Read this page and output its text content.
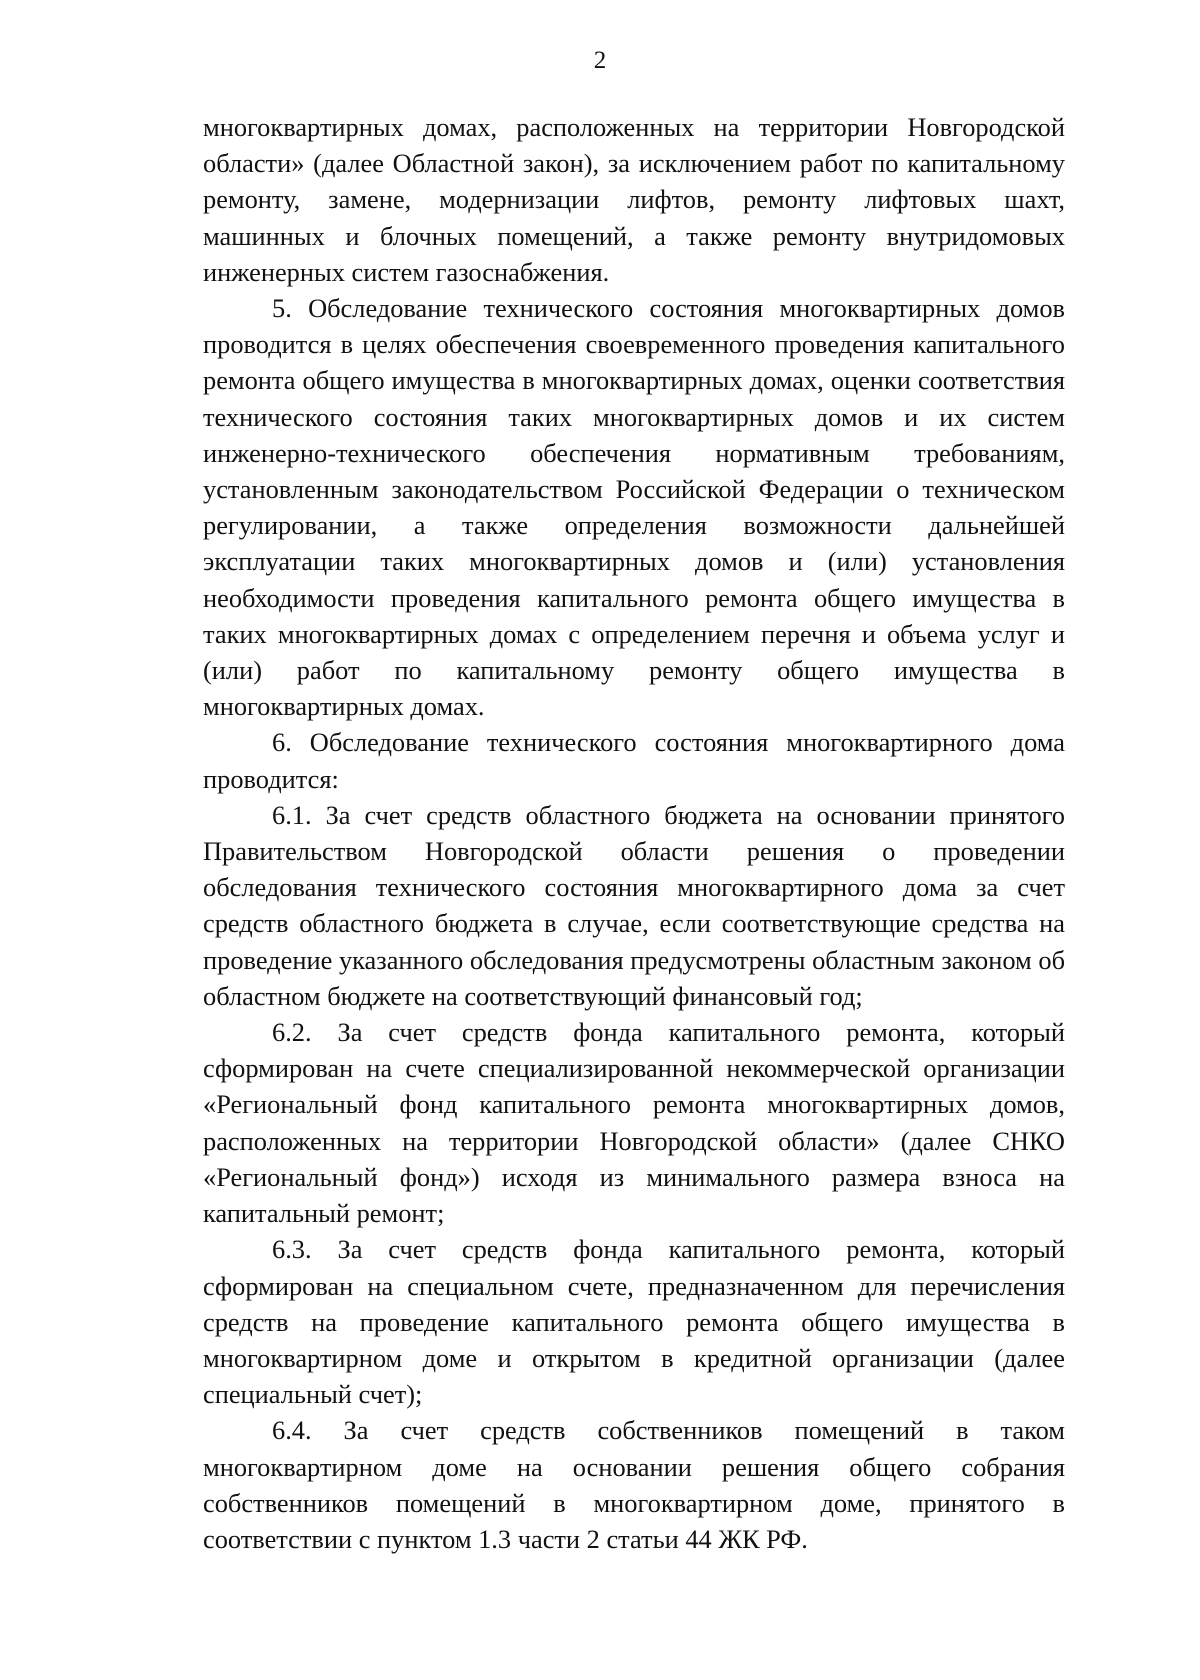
2

многоквартирных домах, расположенных на территории Новгородской области» (далее Областной закон), за исключением работ по капитальному ремонту, замене, модернизации лифтов, ремонту лифтовых шахт, машинных и блочных помещений, а также ремонту внутридомовых инженерных систем газоснабжения.

5. Обследование технического состояния многоквартирных домов проводится в целях обеспечения своевременного проведения капитального ремонта общего имущества в многоквартирных домах, оценки соответствия технического состояния таких многоквартирных домов и их систем инженерно-технического обеспечения нормативным требованиям, установленным законодательством Российской Федерации о техническом регулировании, а также определения возможности дальнейшей эксплуатации таких многоквартирных домов и (или) установления необходимости проведения капитального ремонта общего имущества в таких многоквартирных домах с определением перечня и объема услуг и (или) работ по капитальному ремонту общего имущества в многоквартирных домах.

6. Обследование технического состояния многоквартирного дома проводится:

6.1. За счет средств областного бюджета на основании принятого Правительством Новгородской области решения о проведении обследования технического состояния многоквартирного дома за счет средств областного бюджета в случае, если соответствующие средства на проведение указанного обследования предусмотрены областным законом об областном бюджете на соответствующий финансовый год;

6.2. За счет средств фонда капитального ремонта, который сформирован на счете специализированной некоммерческой организации «Региональный фонд капитального ремонта многоквартирных домов, расположенных на территории Новгородской области» (далее СНКО «Региональный фонд») исходя из минимального размера взноса на капитальный ремонт;

6.3. За счет средств фонда капитального ремонта, который сформирован на специальном счете, предназначенном для перечисления средств на проведение капитального ремонта общего имущества в многоквартирном доме и открытом в кредитной организации (далее специальный счет);

6.4. За счет средств собственников помещений в таком многоквартирном доме на основании решения общего собрания собственников помещений в многоквартирном доме, принятого в соответствии с пунктом 1.3 части 2 статьи 44 ЖК РФ.
